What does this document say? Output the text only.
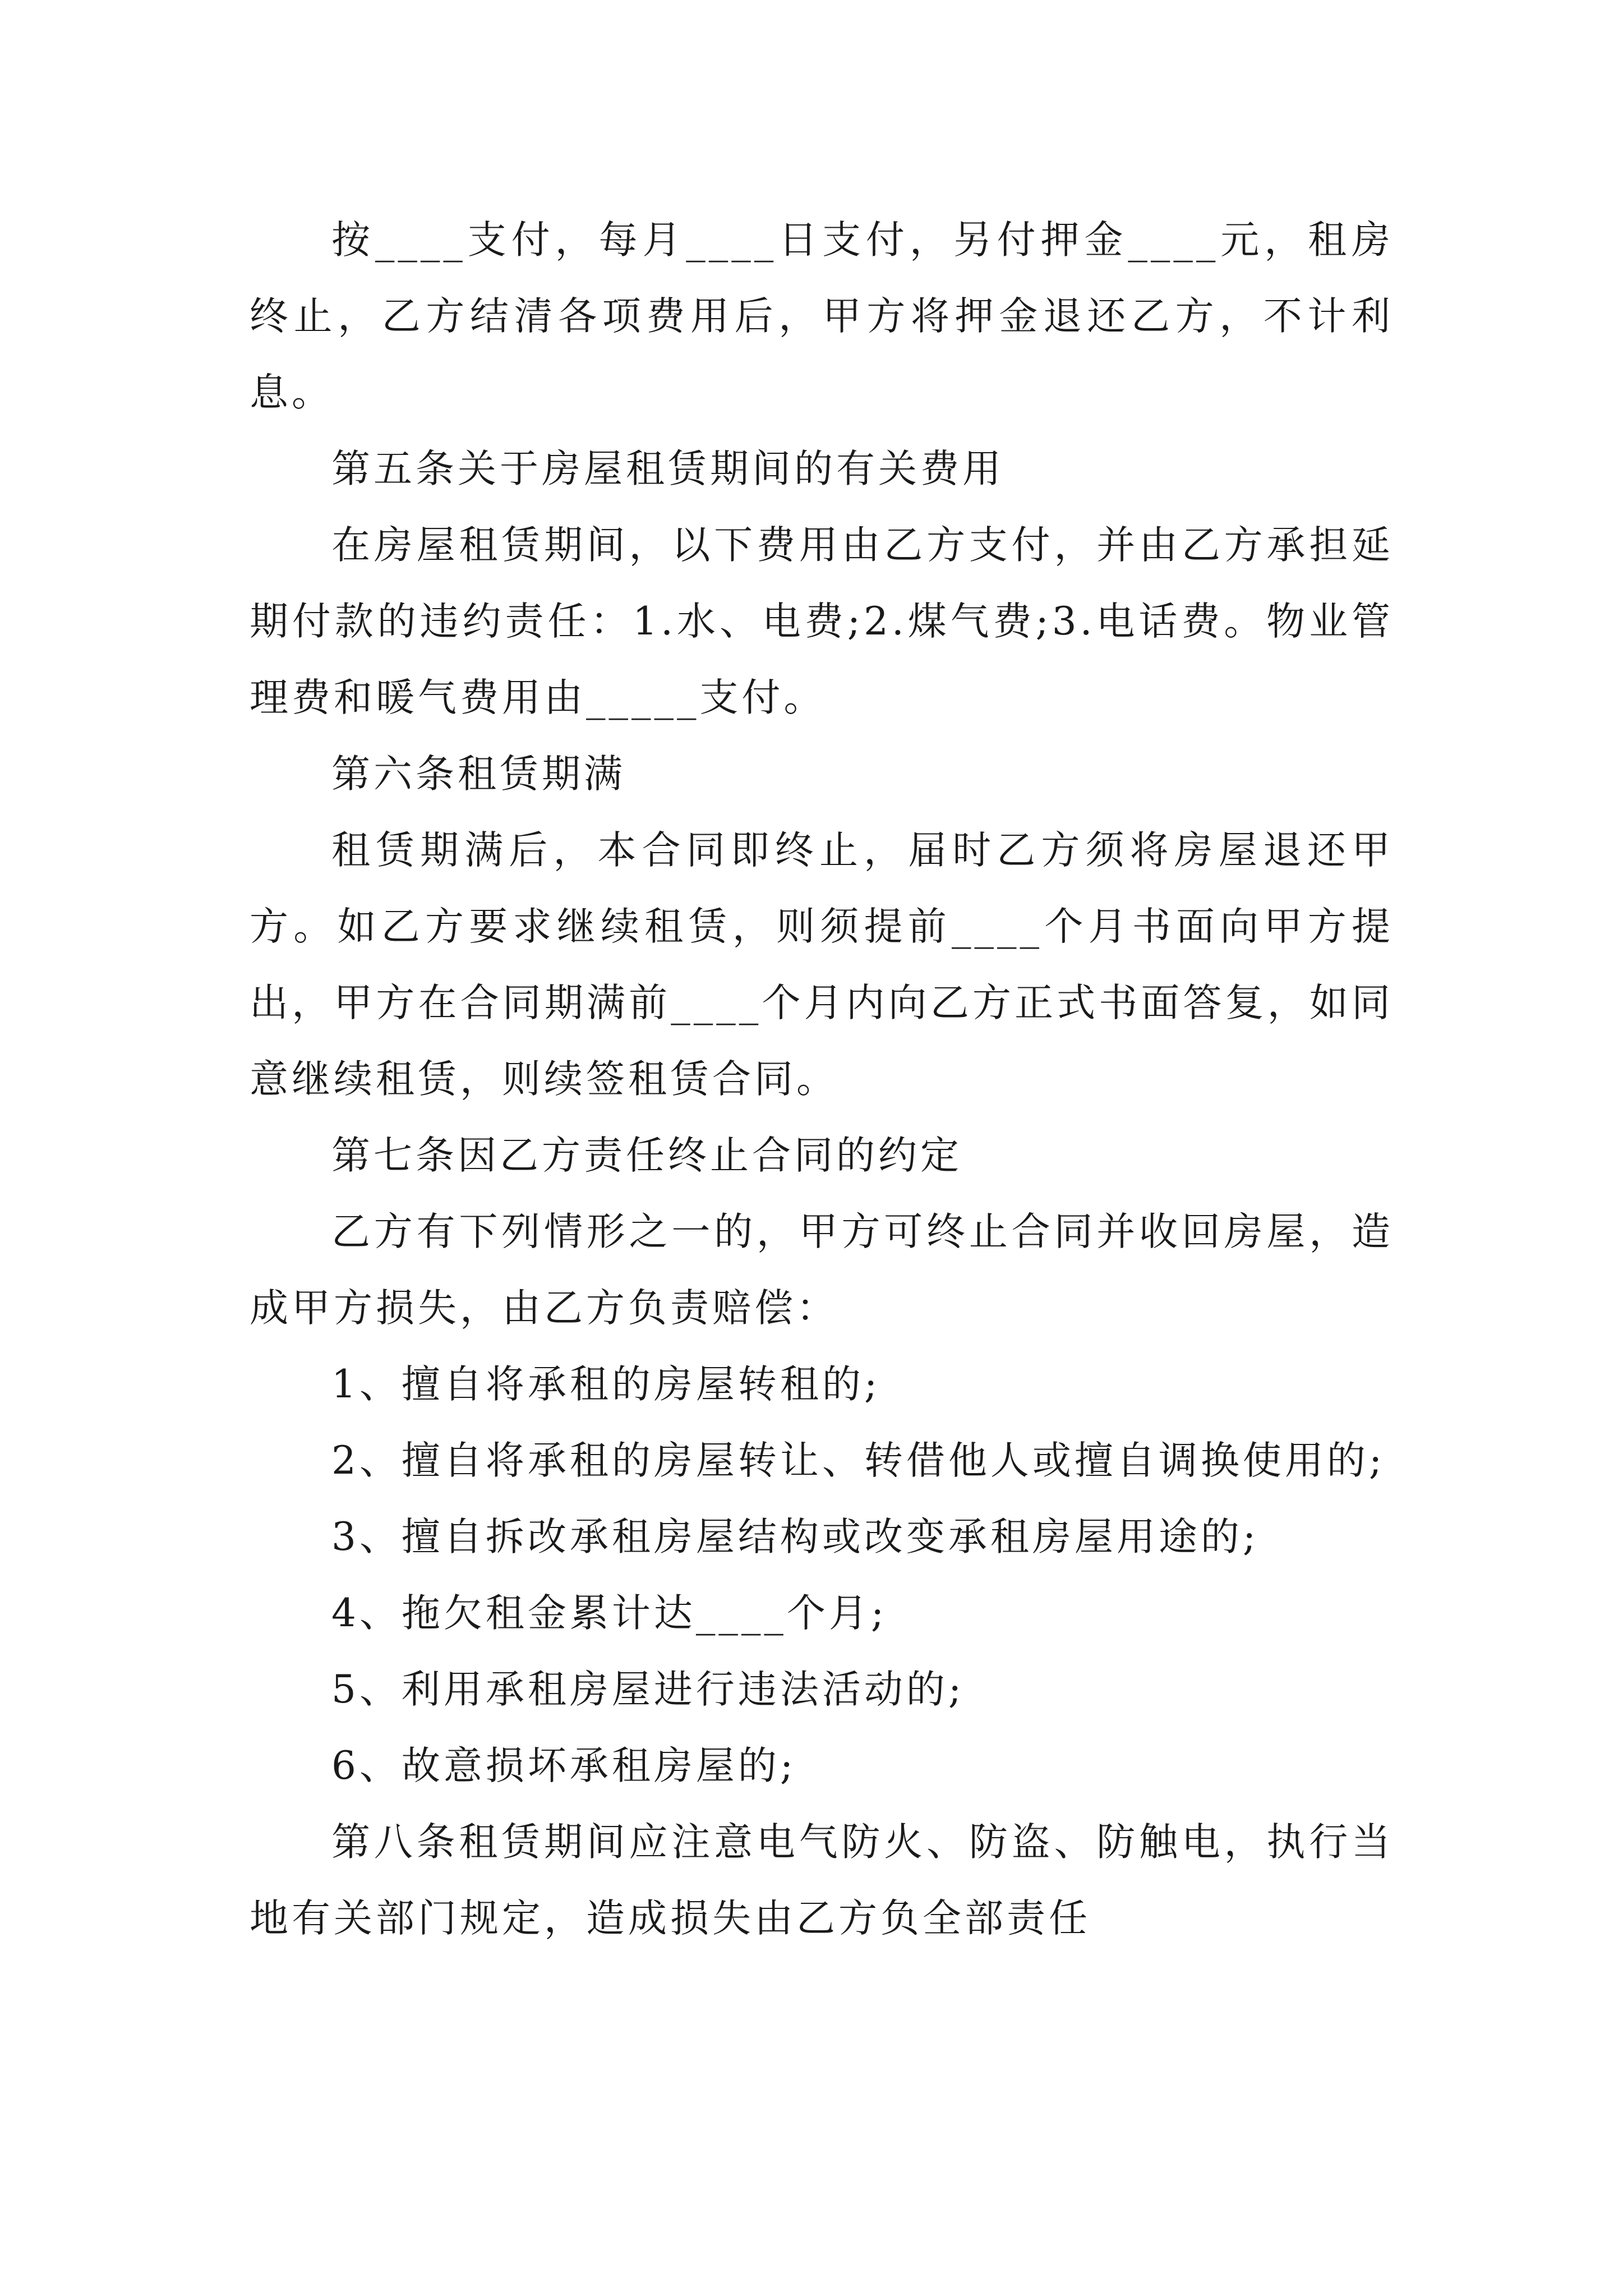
按____支付，每月____日支付，另付押金____元，租房终止，乙方结清各项费用后，甲方将押金退还乙方，不计利息。

第五条关于房屋租赁期间的有关费用

在房屋租赁期间，以下费用由乙方支付，并由乙方承担延期付款的违约责任：1.水、电费;2.煤气费;3.电话费。物业管理费和暖气费用由_____支付。

第六条租赁期满

租赁期满后，本合同即终止，届时乙方须将房屋退还甲方。如乙方要求继续租赁，则须提前____个月书面向甲方提出，甲方在合同期满前____个月内向乙方正式书面答复，如同意继续租赁，则续签租赁合同。

第七条因乙方责任终止合同的约定

乙方有下列情形之一的，甲方可终止合同并收回房屋，造成甲方损失，由乙方负责赔偿：

1、擅自将承租的房屋转租的;

2、擅自将承租的房屋转让、转借他人或擅自调换使用的;

3、擅自拆改承租房屋结构或改变承租房屋用途的;

4、拖欠租金累计达____个月;

5、利用承租房屋进行违法活动的;

6、故意损坏承租房屋的;

第八条租赁期间应注意电气防火、防盗、防触电，执行当地有关部门规定，造成损失由乙方负全部责任
